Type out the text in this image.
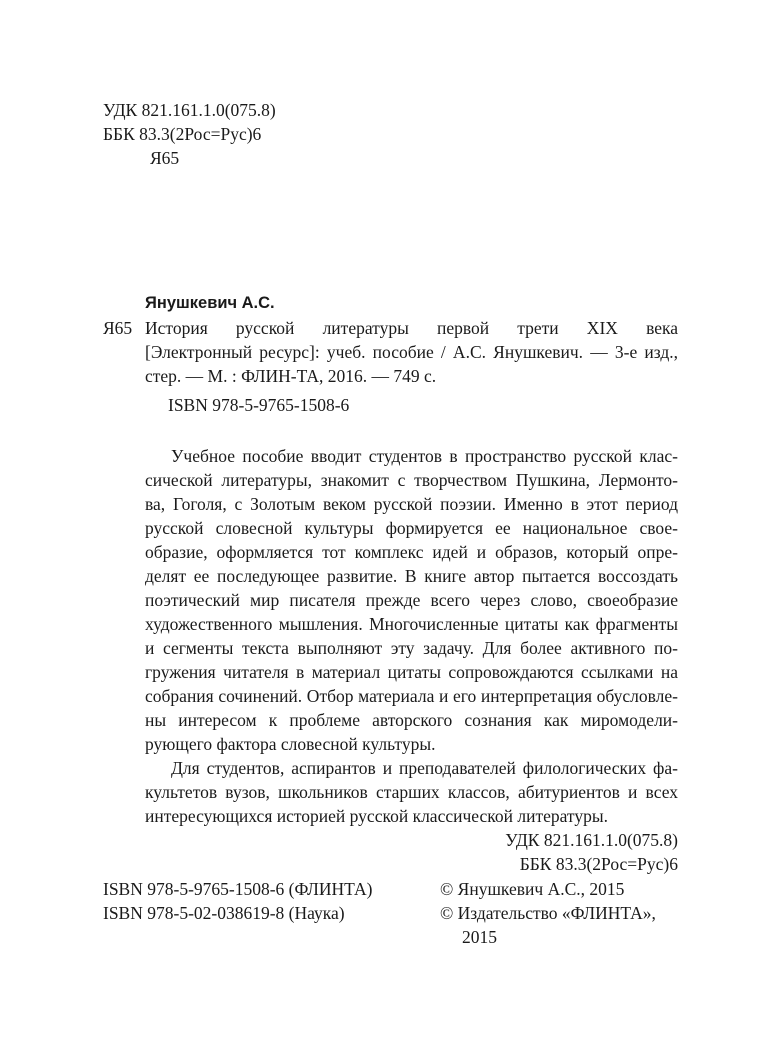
УДК 821.161.1.0(075.8)
ББК 83.3(2Рос=Рус)6
Я65
Янушкевич А.С.
Я65 История русской литературы первой трети XIX века
[Электронный ресурс]: учеб. пособие / А.С. Янушкевич. — 3-е изд.,
стер. — М. : ФЛИН-ТА, 2016. — 749 с.
ISBN 978-5-9765-1508-6
Учебное пособие вводит студентов в пространство русской клас-
сической литературы, знакомит с творчеством Пушкина, Лермонто-
ва, Гоголя, с Золотым веком русской поэзии. Именно в этот период
русской словесной культуры формируется ее национальное свое-
образие, оформляется тот комплекс идей и образов, который опре-
делят ее последующее развитие. В книге автор пытается воссоздать
поэтический мир писателя прежде всего через слово, своеобразие
художественного мышления. Многочисленные цитаты как фрагменты
и сегменты текста выполняют эту задачу. Для более активного по-
гружения читателя в материал цитаты сопровождаются ссылками на
собрания сочинений. Отбор материала и его интерпретация обусловле-
ны интересом к проблеме авторского сознания как миромодели-
рующего фактора словесной культуры.
Для студентов, аспирантов и преподавателей филологических фа-
культетов вузов, школьников старших классов, абитуриентов и всех
интересующихся историей русской классической литературы.
УДК 821.161.1.0(075.8)
ББК 83.3(2Рос=Рус)6
ISBN 978-5-9765-1508-6 (ФЛИНТА)
ISBN 978-5-02-038619-8 (Наука)
© Янушкевич А.С., 2015
© Издательство «ФЛИНТА»,
2015
